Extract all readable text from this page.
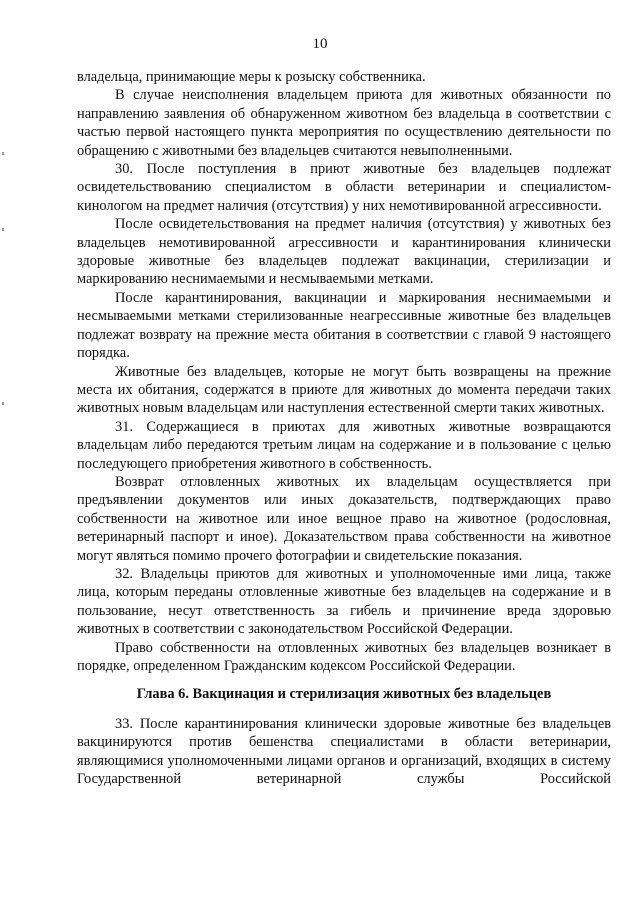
10

владельца, принимающие меры к розыску собственника.

В случае неисполнения владельцем приюта для животных обязанности по направлению заявления об обнаруженном животном без владельца в соответствии с частью первой настоящего пункта мероприятия по осуществлению деятельности по обращению с животными без владельцев считаются невыполненными.

30. После поступления в приют животные без владельцев подлежат освидетельствованию специалистом в области ветеринарии и специалистом-кинологом на предмет наличия (отсутствия) у них немотивированной агрессивности.

После освидетельствования на предмет наличия (отсутствия) у животных без владельцев немотивированной агрессивности и карантинирования клинически здоровые животные без владельцев подлежат вакцинации, стерилизации и маркированию неснимаемыми и несмываемыми метками.

После карантинирования, вакцинации и маркирования неснимаемыми и несмываемыми метками стерилизованные неагрессивные животные без владельцев подлежат возврату на прежние места обитания в соответствии с главой 9 настоящего порядка.

Животные без владельцев, которые не могут быть возвращены на прежние места их обитания, содержатся в приюте для животных до момента передачи таких животных новым владельцам или наступления естественной смерти таких животных.

31. Содержащиеся в приютах для животных животные возвращаются владельцам либо передаются третьим лицам на содержание и в пользование с целью последующего приобретения животного в собственность.

Возврат отловленных животных их владельцам осуществляется при предъявлении документов или иных доказательств, подтверждающих право собственности на животное или иное вещное право на животное (родословная, ветеринарный паспорт и иное). Доказательством права собственности на животное могут являться помимо прочего фотографии и свидетельские показания.

32. Владельцы приютов для животных и уполномоченные ими лица, также лица, которым переданы отловленные животные без владельцев на содержание и в пользование, несут ответственность за гибель и причинение вреда здоровью животных в соответствии с законодательством Российской Федерации.

Право собственности на отловленных животных без владельцев возникает в порядке, определенном Гражданским кодексом Российской Федерации.

Глава 6. Вакцинация и стерилизация животных без владельцев

33. После карантинирования клинически здоровые животные без владельцев вакцинируются против бешенства специалистами в области ветеринарии, являющимися уполномоченными лицами органов и организаций, входящих в систему Государственной ветеринарной службы Российской
